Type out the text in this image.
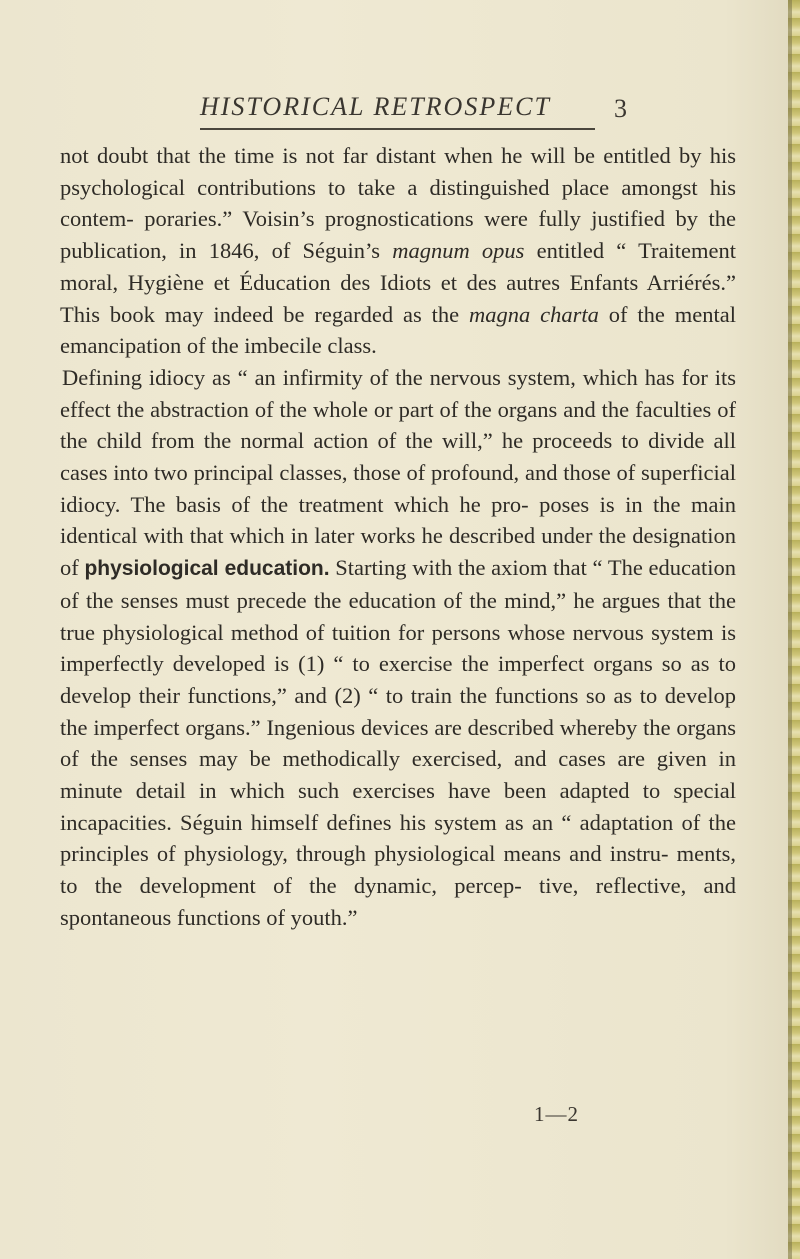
HISTORICAL RETROSPECT 3

not doubt that the time is not far distant when he will be entitled by his psychological contributions to take a distinguished place amongst his contem- poraries.” Voisin’s prognostications were fully justified by the publication, in 1846, of Séguin’s magnum opus entitled “ Traitement moral, Hygiène et Éducation des Idiots et des autres Enfants Arriérés.” This book may indeed be regarded as the magna charta of the mental emancipation of the imbecile class.

Defining idiocy as “ an infirmity of the nervous system, which has for its effect the abstraction of the whole or part of the organs and the faculties of the child from the normal action of the will,” he proceeds to divide all cases into two principal classes, those of profound, and those of superficial idiocy. The basis of the treatment which he pro- poses is in the main identical with that which in later works he described under the designation of physiological education. Starting with the axiom that “ The education of the senses must precede the education of the mind,” he argues that the true physiological method of tuition for persons whose nervous system is imperfectly developed is (1) “ to exercise the imperfect organs so as to develop their functions,” and (2) “ to train the functions so as to develop the imperfect organs.” Ingenious devices are described whereby the organs of the senses may be methodically exercised, and cases are given in minute detail in which such exercises have been adapted to special incapacities. Séguin himself defines his system as an “ adaptation of the principles of physiology, through physiological means and instru- ments, to the development of the dynamic, percep- tive, reflective, and spontaneous functions of youth.”

1—2
